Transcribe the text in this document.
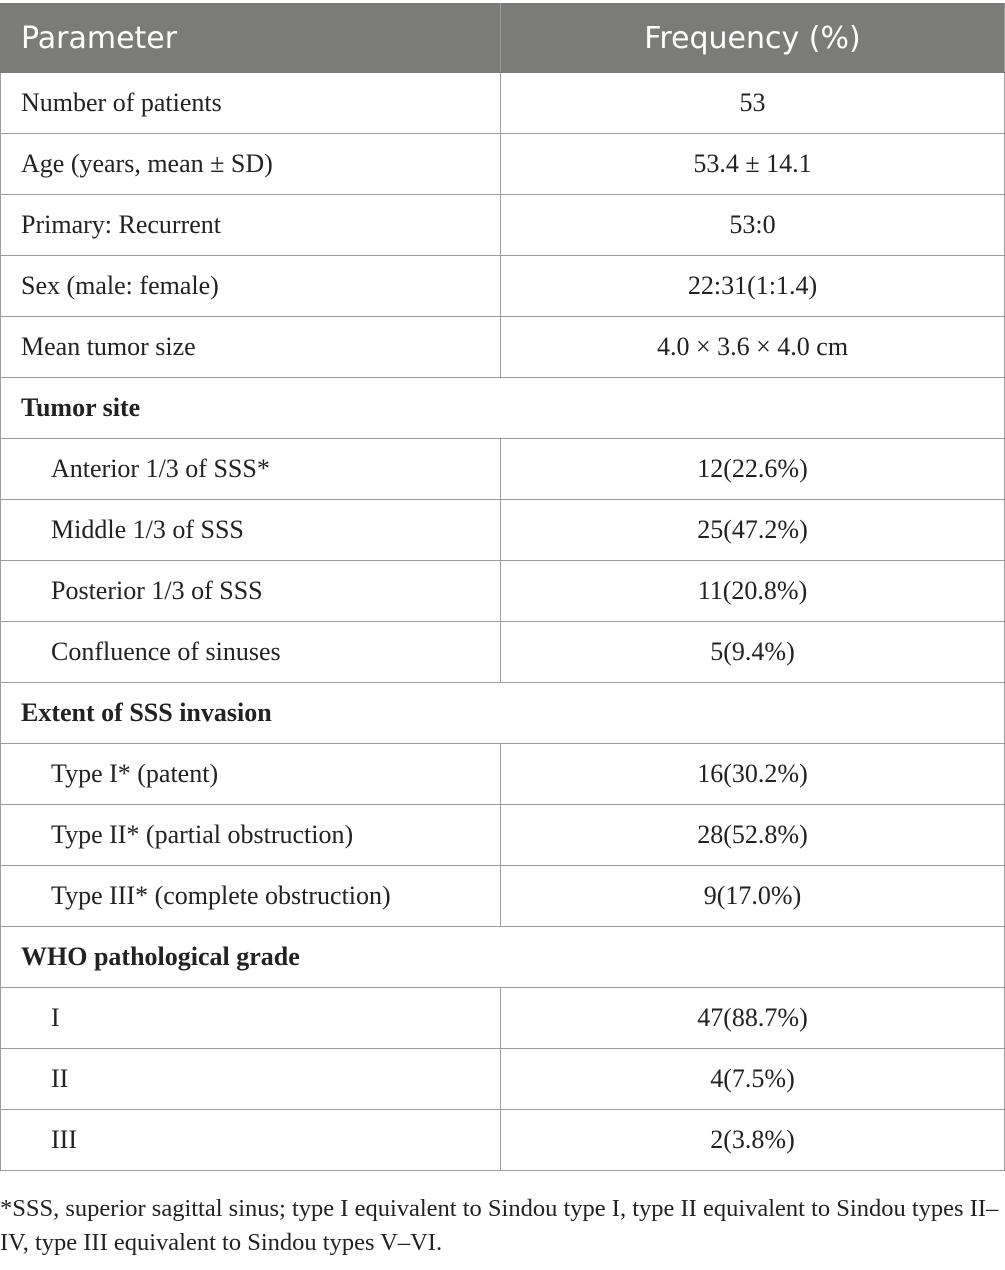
Parameter	Frequency (%)
Number of patients	53
Age (years, mean ± SD)	53.4 ± 14.1
Primary: Recurrent	53:0
Sex (male: female)	22:31(1:1.4)
Mean tumor size	4.0 × 3.6 × 4.0 cm
Tumor site	
Anterior 1/3 of SSS*	12(22.6%)
Middle 1/3 of SSS	25(47.2%)
Posterior 1/3 of SSS	11(20.8%)
Confluence of sinuses	5(9.4%)
Extent of SSS invasion	
Type I* (patent)	16(30.2%)
Type II* (partial obstruction)	28(52.8%)
Type III* (complete obstruction)	9(17.0%)
WHO pathological grade	
I	47(88.7%)
II	4(7.5%)
III	2(3.8%)
*SSS, superior sagittal sinus; type I equivalent to Sindou type I, type II equivalent to Sindou types II–IV, type III equivalent to Sindou types V–VI.
